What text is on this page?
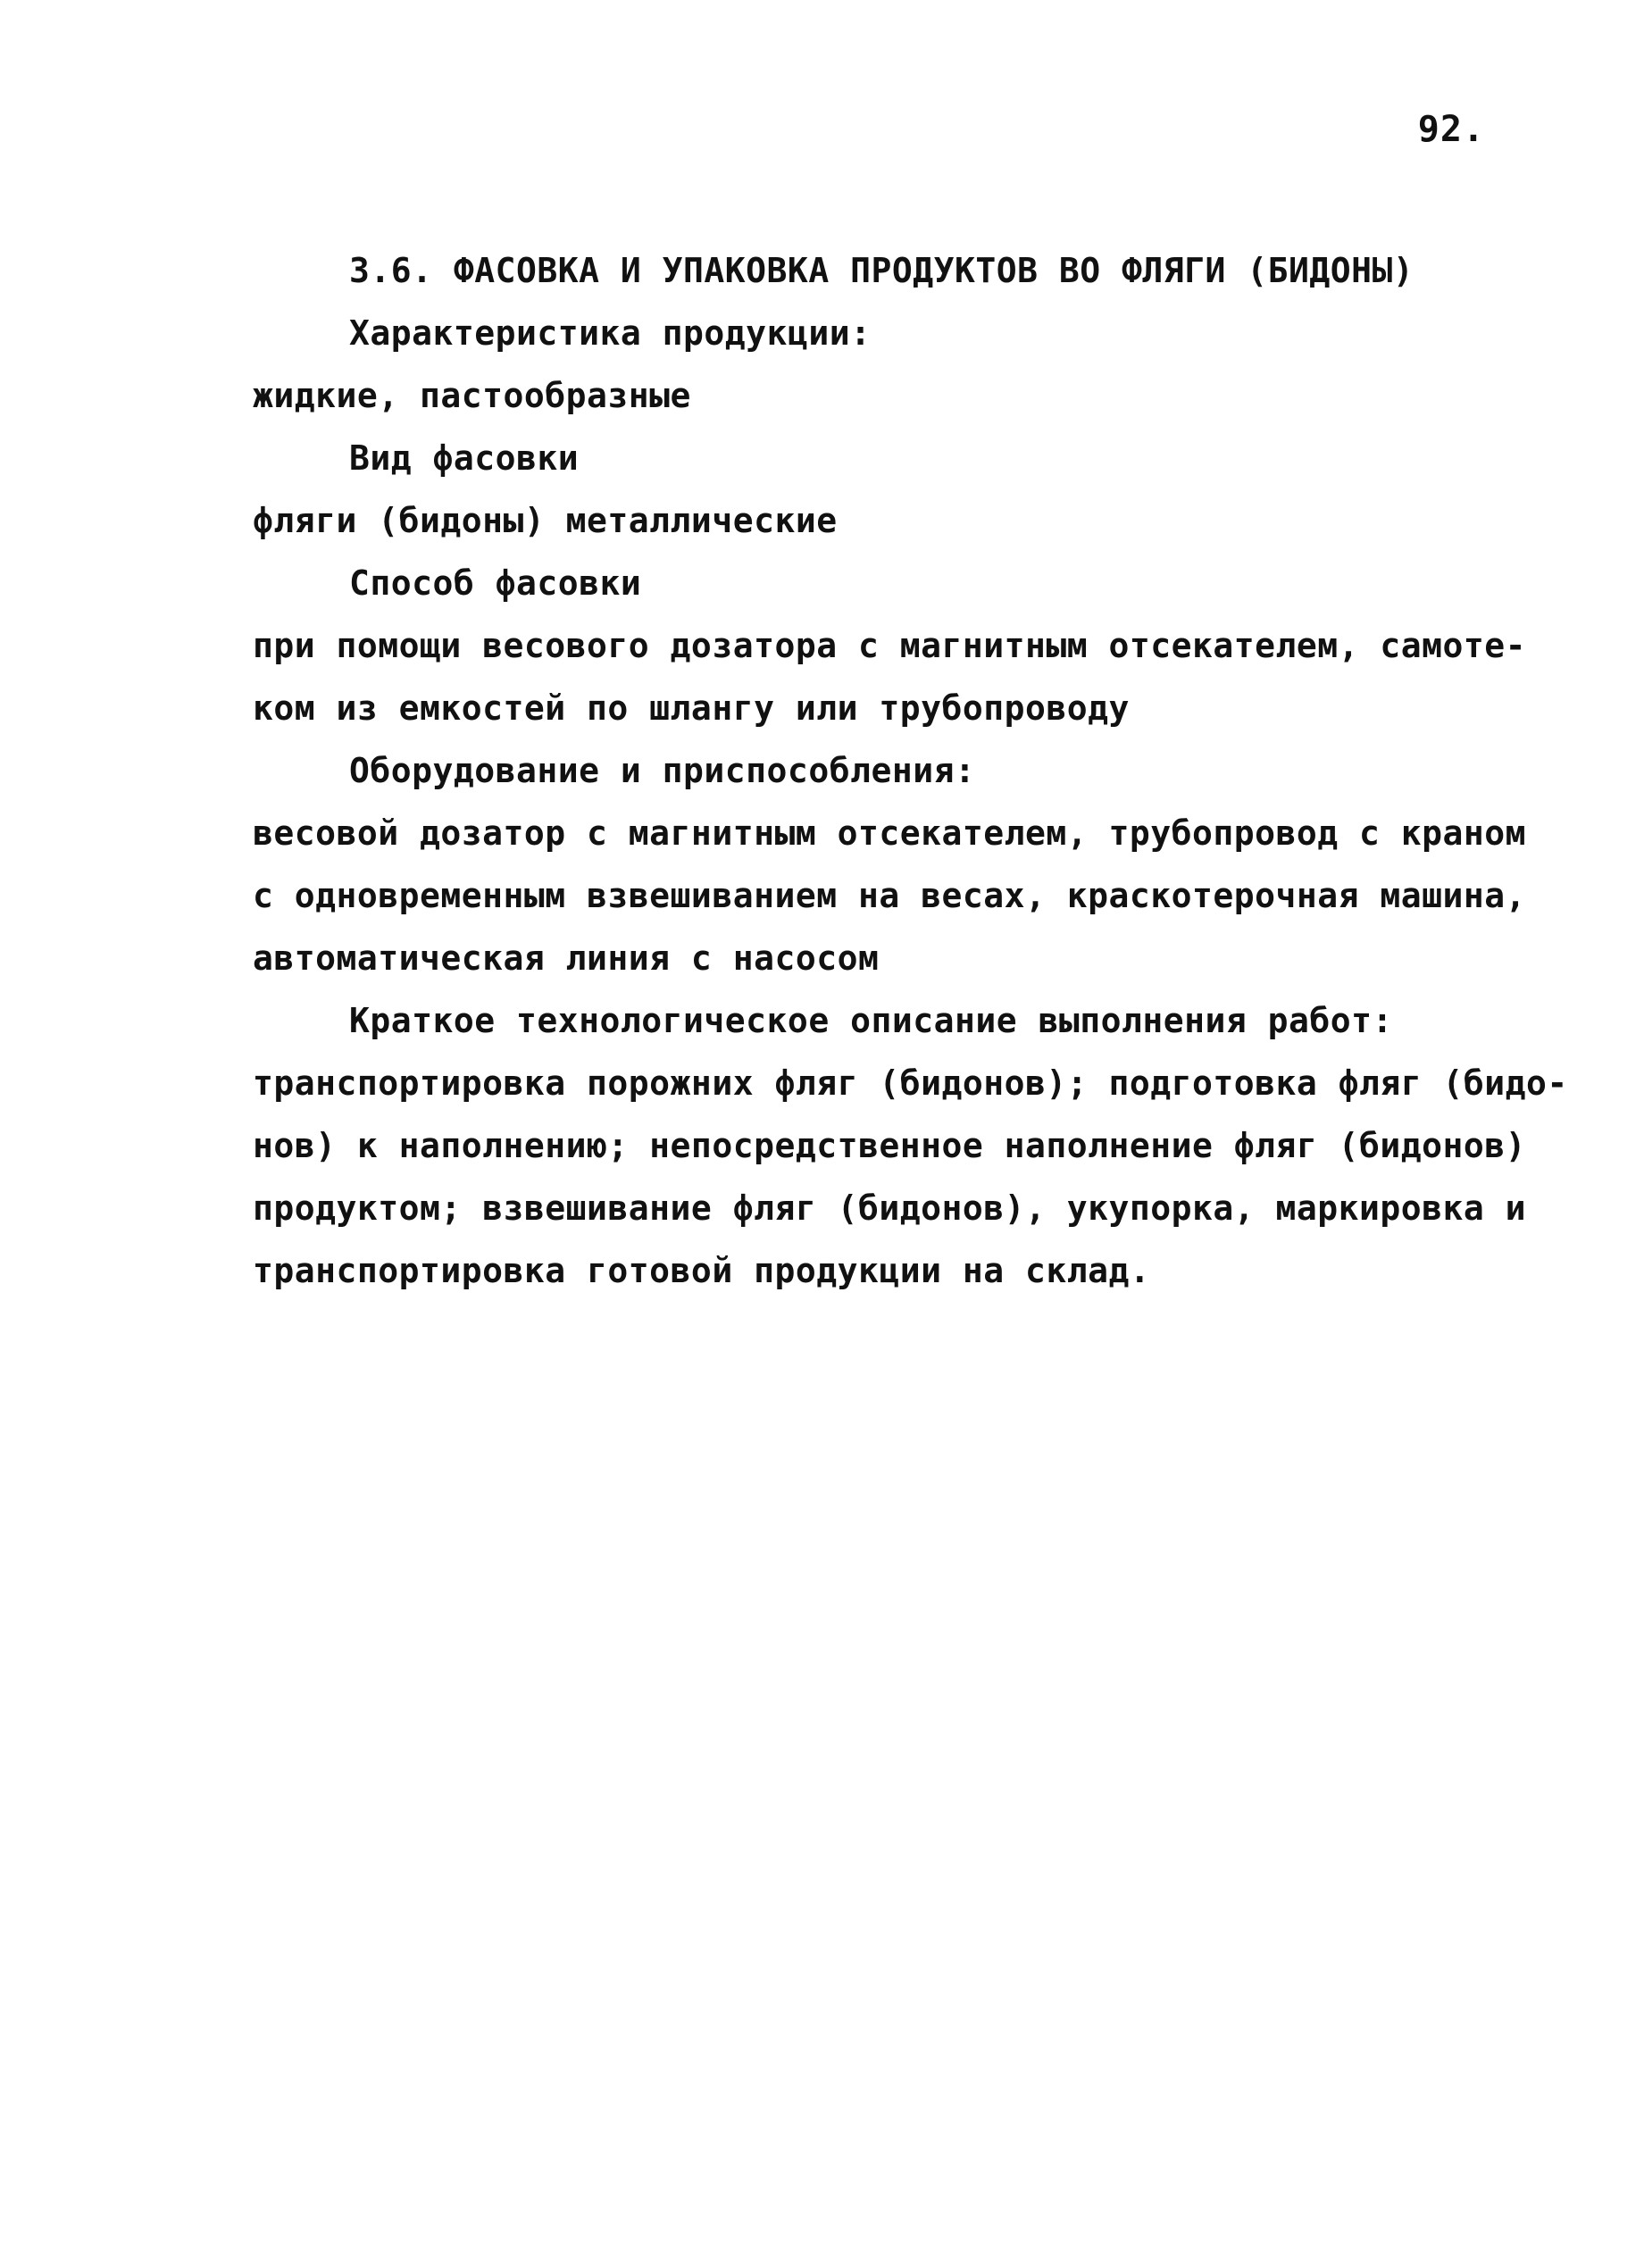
92.
3.6. ФАСОВКА И УПАКОВКА ПРОДУКТОВ ВО ФЛЯГИ (БИДОНЫ)
Характеристика продукции:
жидкие, пастообразные
Вид фасовки
фляги (бидоны) металлические
Способ фасовки
при помощи весового дозатора с магнитным отсекателем, самоте-
ком из емкостей по шлангу или трубопроводу
Оборудование и приспособления:
весовой дозатор с магнитным отсекателем, трубопровод с краном
с одновременным взвешиванием на весах, краскотерочная машина,
автоматическая линия с насосом
Краткое технологическое описание выполнения работ:
транспортировка порожних фляг (бидонов); подготовка фляг (бидо-
нов) к наполнению; непосредственное наполнение фляг (бидонов)
продуктом; взвешивание фляг (бидонов), укупорка, маркировка и
транспортировка готовой продукции на склад.
